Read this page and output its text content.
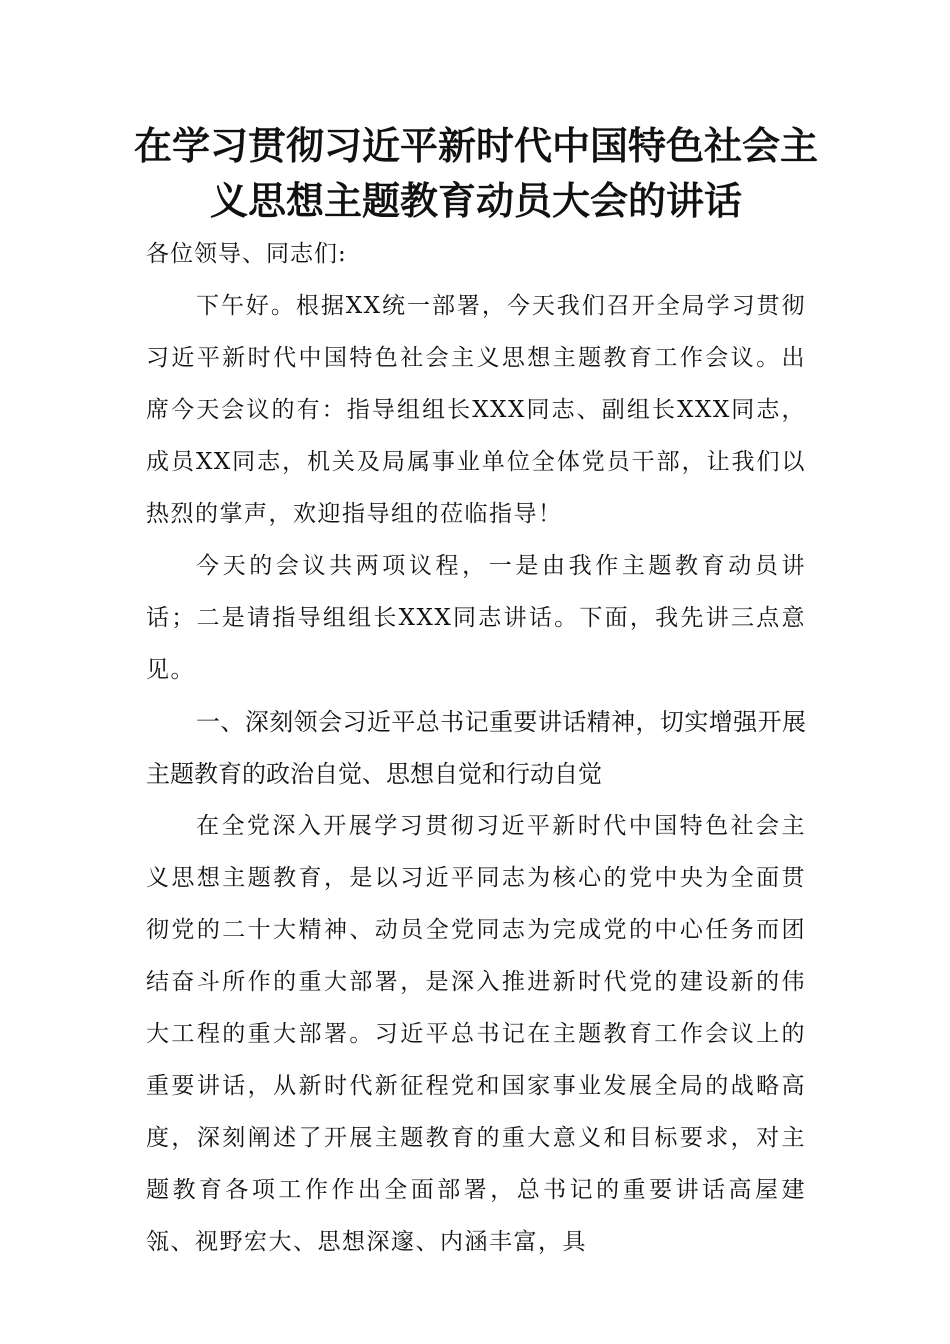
在学习贯彻习近平新时代中国特色社会主义思想主题教育动员大会的讲话

各位领导、同志们:

下午好。根据XX统一部署，今天我们召开全局学习贯彻习近平新时代中国特色社会主义思想主题教育工作会议。出席今天会议的有：指导组组长XXX同志、副组长XXX同志，成员XX同志，机关及局属事业单位全体党员干部，让我们以热烈的掌声，欢迎指导组的莅临指导！

今天的会议共两项议程，一是由我作主题教育动员讲话；二是请指导组组长XXX同志讲话。下面，我先讲三点意见。

一、深刻领会习近平总书记重要讲话精神，切实增强开展主题教育的政治自觉、思想自觉和行动自觉

在全党深入开展学习贯彻习近平新时代中国特色社会主义思想主题教育，是以习近平同志为核心的党中央为全面贯彻党的二十大精神、动员全党同志为完成党的中心任务而团结奋斗所作的重大部署，是深入推进新时代党的建设新的伟大工程的重大部署。习近平总书记在主题教育工作会议上的重要讲话，从新时代新征程党和国家事业发展全局的战略高度，深刻阐述了开展主题教育的重大意义和目标要求，对主题教育各项工作作出全面部署，总书记的重要讲话高屋建瓴、视野宏大、思想深邃、内涵丰富，具
